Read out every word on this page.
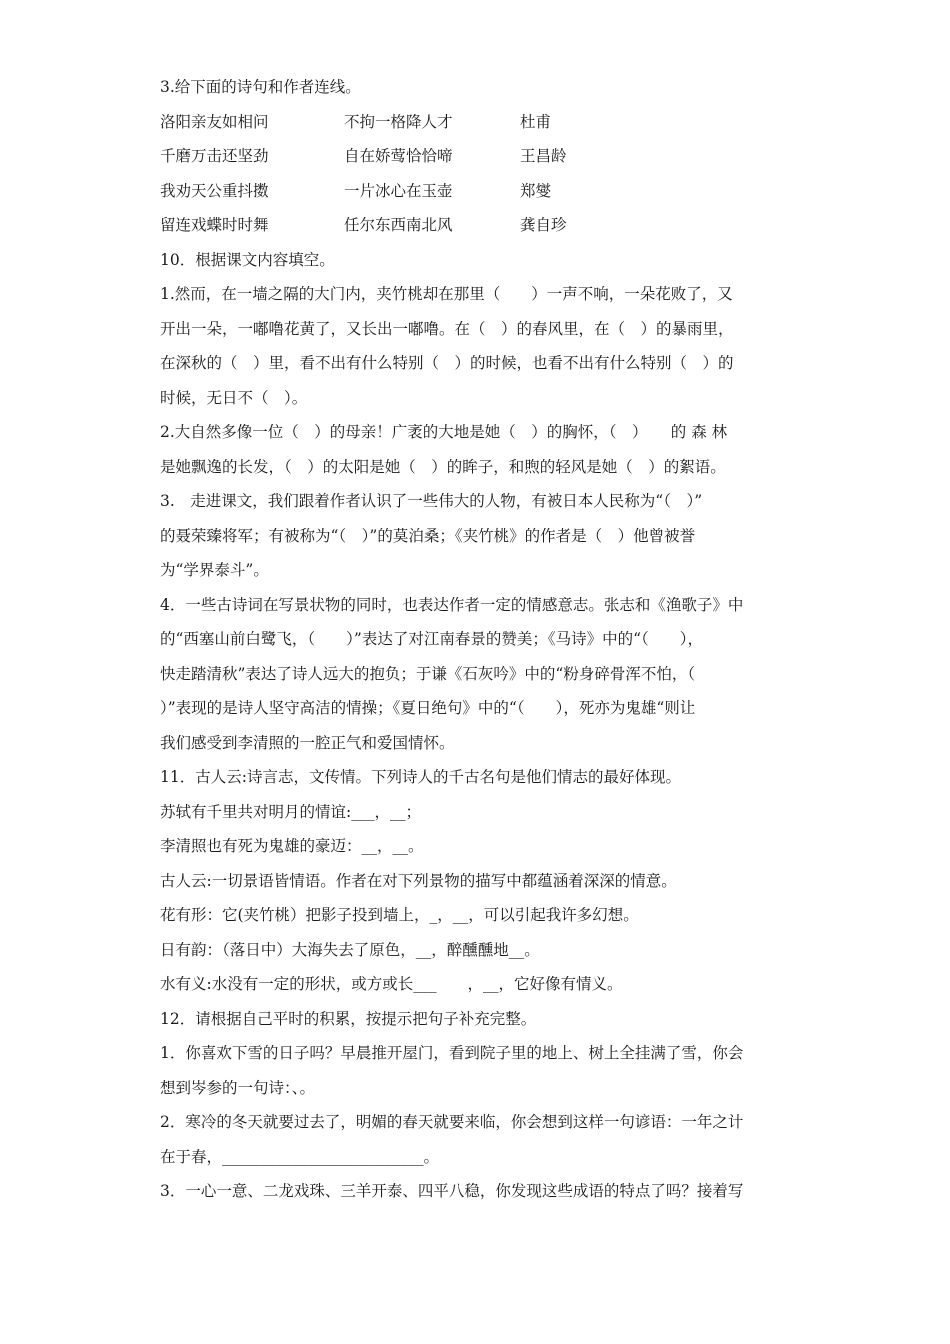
3.给下面的诗句和作者连线。
洛阳亲友如相问	不拘一格降人才	杜甫
千磨万击还坚劲	自在娇莺恰恰啼	王昌龄
我劝天公重抖擞	一片冰心在玉壶	郑燮
留连戏蝶时时舞	任尔东西南北风	龚自珍
10．根据课文内容填空。
1.然而，在一墙之隔的大门内，夹竹桃却在那里（　　）一声不响，一朵花败了，又
开出一朵，一嘟噜花黄了，又长出一嘟噜。在（　）的春风里，在（　）的暴雨里，
在深秋的（　）里，看不出有什么特别（　）的时候，也看不出有什么特别（　）的
时候，无日不（　）。
2.大自然多像一位（　）的母亲！广袤的大地是她（　）的胸怀，（　）　　的 森 林
是她飘逸的长发，（　）的太阳是她（　）的眸子，和煦的轻风是她（　）的絮语。
3.　走进课文，我们跟着作者认识了一些伟大的人物，有被日本人民称为“（　）”
的聂荣臻将军；有被称为“（　）”的莫泊桑；《夹竹桃》的作者是（　）他曾被誉
为“学界泰斗”。
4．一些古诗词在写景状物的同时，也表达作者一定的情感意志。张志和《渔歌子》中
的“西塞山前白鹭飞，（　　）”表达了对江南春景的赞美；《马诗》中的“（　　），
快走踏清秋”表达了诗人远大的抱负；于谦《石灰吟》中的“粉身碎骨浑不怕，（
）”表现的是诗人坚守高洁的情操；《夏日绝句》中的“（　　），死亦为鬼雄“则让
我们感受到李清照的一腔正气和爱国情怀。
11．古人云:诗言志，文传情。下列诗人的千古名句是他们情志的最好体现。
苏轼有千里共对明月的情谊:___，__；
李清照也有死为鬼雄的豪迈：__，__。
古人云:一切景语皆情语。作者在对下列景物的描写中都蕴涵着深深的情意。
花有形：它(夹竹桃）把影子投到墙上，_，__，可以引起我许多幻想。
日有韵：（落日中）大海失去了原色，__，醉醺醺地__。
水有义:水没有一定的形状，或方或长___　　，__，它好像有情义。
12．请根据自己平时的积累，按提示把句子补充完整。
1．你喜欢下雪的日子吗？早晨推开屋门，看到院子里的地上、树上全挂满了雪，你会
想到岑参的一句诗：、。
2．寒冷的冬天就要过去了，明媚的春天就要来临，你会想到这样一句谚语：一年之计
在于春，__________________________。
3．一心一意、二龙戏珠、三羊开泰、四平八稳，你发现这些成语的特点了吗？接着写
